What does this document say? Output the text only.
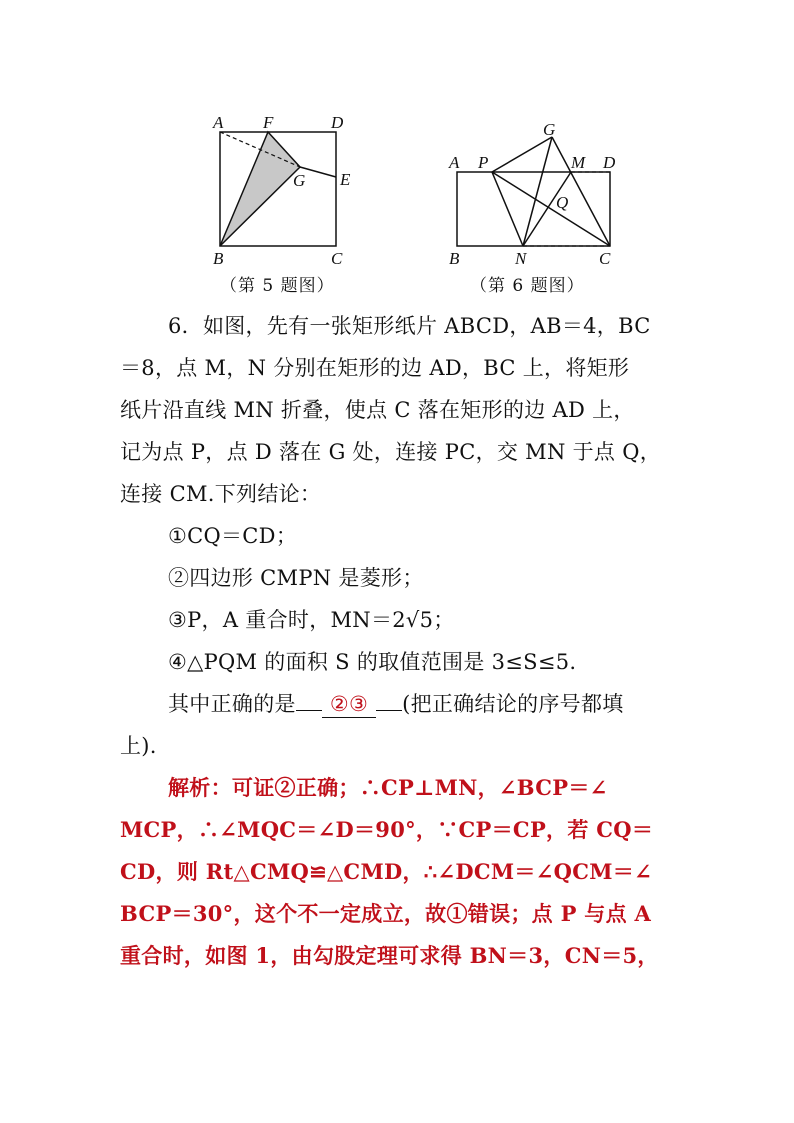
A F	D
G E
B	C
（第 5 题图）
G
A P	M D
Q
B	N	C
（第 6 题图）
6．如图，先有一张矩形纸片 ABCD，AB＝4，BC
＝8，点 M，N 分别在矩形的边 AD，BC 上，将矩形
纸片沿直线 MN 折叠，使点 C 落在矩形的边 AD 上，
记为点 P，点 D 落在 G 处，连接 PC，交 MN 于点 Q，
连接 CM.下列结论：
①CQ＝CD；
②四边形 CMPN 是菱形；
③P，A 重合时，MN＝2√5；
④△PQM 的面积 S 的取值范围是 3≤S≤5.
其中正确的是 ②③ (把正确结论的序号都填
上).
解析：可证②正确；∴CP⊥MN，∠BCP＝∠
MCP，∴∠MQC＝∠D＝90°，∵CP＝CP，若 CQ＝
CD，则 Rt△CMQ≌△CMD，∴∠DCM＝∠QCM＝∠
BCP＝30°，这个不一定成立，故①错误；点 P 与点 A
重合时，如图 1，由勾股定理可求得 BN＝3，CN＝5，
